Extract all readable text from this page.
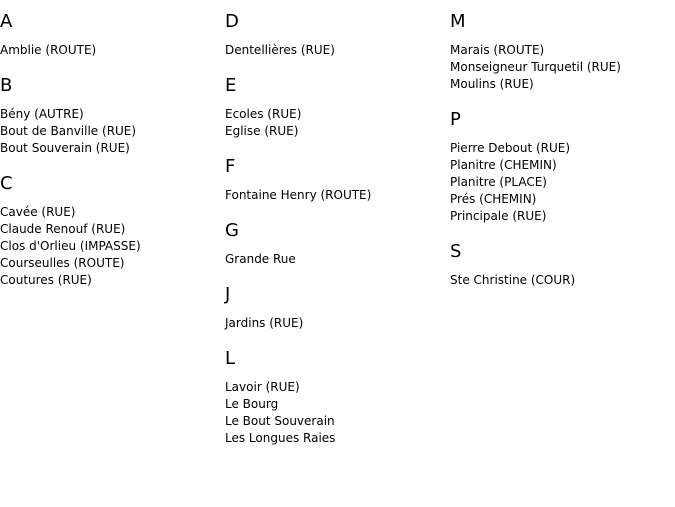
A
Amblie (ROUTE)
B
Bény (AUTRE)
Bout de Banville (RUE)
Bout Souverain (RUE)
C
Cavée (RUE)
Claude Renouf (RUE)
Clos d'Orlieu (IMPASSE)
Courseulles (ROUTE)
Coutures (RUE)
D
Dentellières (RUE)
E
Ecoles (RUE)
Eglise (RUE)
F
Fontaine Henry (ROUTE)
G
Grande Rue
J
Jardins (RUE)
L
Lavoir (RUE)
Le Bourg
Le Bout Souverain
Les Longues Raies
M
Marais (ROUTE)
Monseigneur Turquetil (RUE)
Moulins (RUE)
P
Pierre Debout (RUE)
Planitre (CHEMIN)
Planitre (PLACE)
Prés (CHEMIN)
Principale (RUE)
S
Ste Christine (COUR)
